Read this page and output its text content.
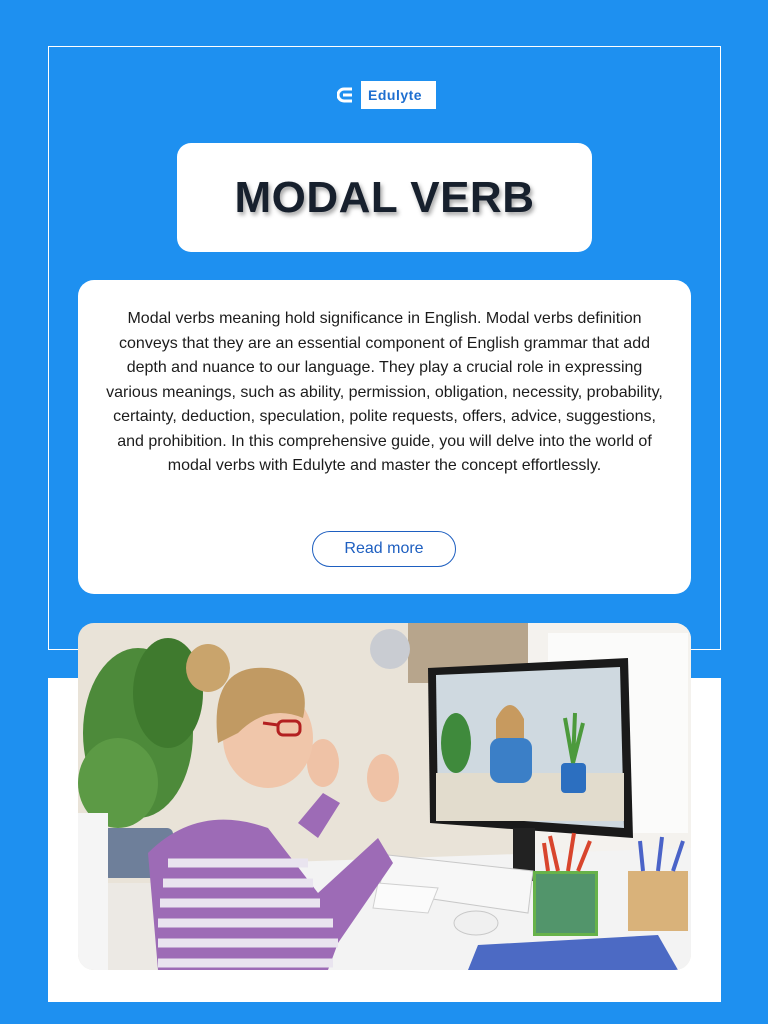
Edulyte
MODAL VERB

Modal verbs meaning hold significance in English. Modal verbs definition conveys that they are an essential component of English grammar that add depth and nuance to our language. They play a crucial role in expressing various meanings, such as ability, permission, obligation, necessity, probability, certainty, deduction, speculation, polite requests, offers, advice, suggestions, and prohibition. In this comprehensive guide, you will delve into the world of modal verbs with Edulyte and master the concept effortlessly.

Read more
